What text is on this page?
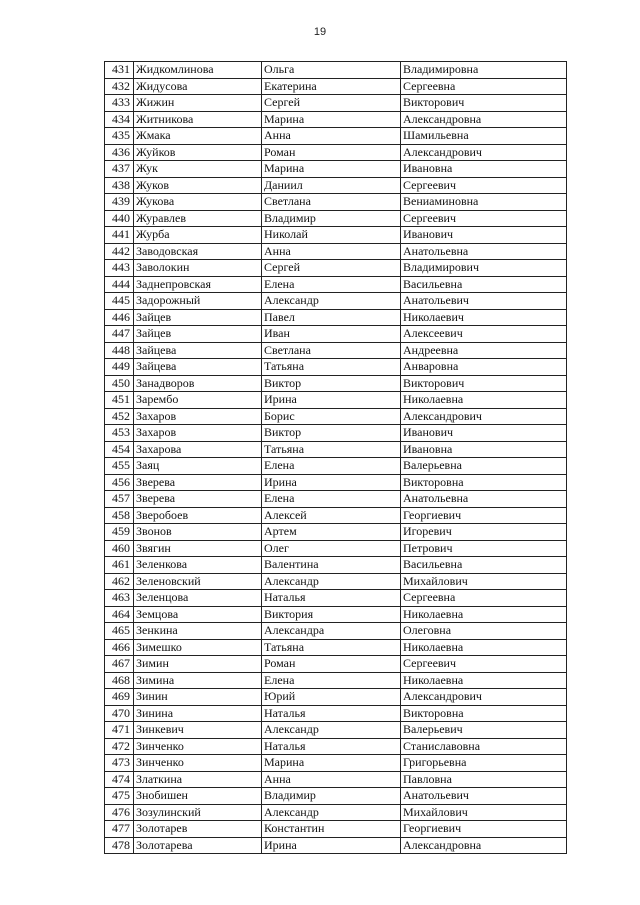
19
431	Жидкомлинова	Ольга	Владимировна
432	Жидусова	Екатерина	Сергеевна
433	Жижин	Сергей	Викторович
434	Житникова	Марина	Александровна
435	Жмака	Анна	Шамильевна
436	Жуйков	Роман	Александрович
437	Жук	Марина	Ивановна
438	Жуков	Даниил	Сергеевич
439	Жукова	Светлана	Вениаминовна
440	Журавлев	Владимир	Сергеевич
441	Журба	Николай	Иванович
442	Заводовская	Анна	Анатольевна
443	Заволокин	Сергей	Владимирович
444	Заднепровская	Елена	Васильевна
445	Задорожный	Александр	Анатольевич
446	Зайцев	Павел	Николаевич
447	Зайцев	Иван	Алексеевич
448	Зайцева	Светлана	Андреевна
449	Зайцева	Татьяна	Анваровна
450	Занадворов	Виктор	Викторович
451	Зарембо	Ирина	Николаевна
452	Захаров	Борис	Александрович
453	Захаров	Виктор	Иванович
454	Захарова	Татьяна	Ивановна
455	Заяц	Елена	Валерьевна
456	Зверева	Ирина	Викторовна
457	Зверева	Елена	Анатольевна
458	Зверобоев	Алексей	Георгиевич
459	Звонов	Артем	Игоревич
460	Звягин	Олег	Петрович
461	Зеленкова	Валентина	Васильевна
462	Зеленовский	Александр	Михайлович
463	Зеленцова	Наталья	Сергеевна
464	Земцова	Виктория	Николаевна
465	Зенкина	Александра	Олеговна
466	Зимешко	Татьяна	Николаевна
467	Зимин	Роман	Сергеевич
468	Зимина	Елена	Николаевна
469	Зинин	Юрий	Александрович
470	Зинина	Наталья	Викторовна
471	Зинкевич	Александр	Валерьевич
472	Зинченко	Наталья	Станиславовна
473	Зинченко	Марина	Григорьевна
474	Златкина	Анна	Павловна
475	Знобишен	Владимир	Анатольевич
476	Зозулинский	Александр	Михайлович
477	Золотарев	Константин	Георгиевич
478	Золотарева	Ирина	Александровна
